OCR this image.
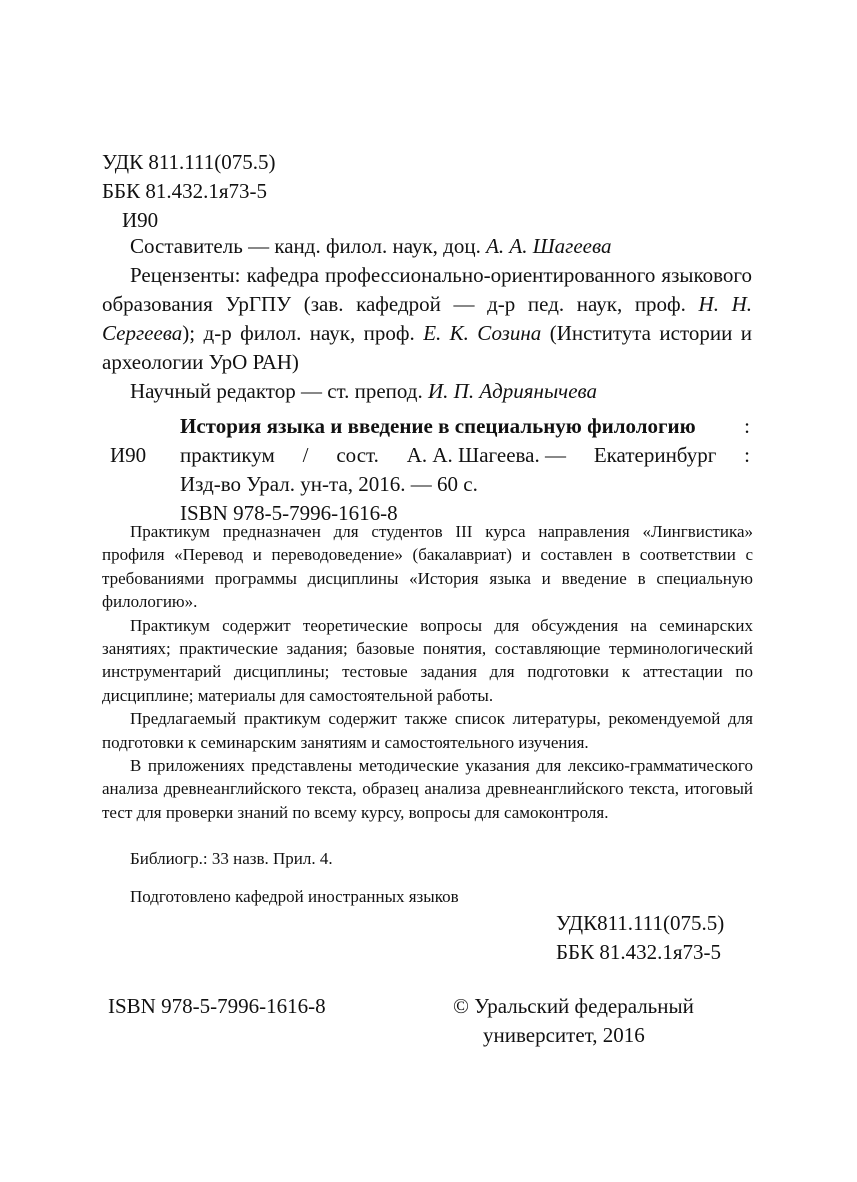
УДК 811.111(075.5)
ББК 81.432.1я73-5
И90

Составитель — канд. филол. наук, доц. А. А. Шагеева

Рецензенты: кафедра профессионально-ориентированного языкового образования УрГПУ (зав. кафедрой — д-р пед. наук, проф. Н. Н. Сергеева); д-р филол. наук, проф. Е. К. Созина (Института истории и археологии УрО РАН)

Научный редактор — ст. препод. И. П. Адриянычева

И90
История языка и введение в специальную филологию :
практикум / сост. А. А. Шагеева. — Екатеринбург :
Изд-во Урал. ун-та, 2016. — 60 с.
ISBN 978-5-7996-1616-8

Практикум предназначен для студентов III курса направления «Лингвистика» профиля «Перевод и переводоведение» (бакалавриат) и составлен в соответствии с требованиями программы дисциплины «История языка и введение в специальную филологию».

Практикум содержит теоретические вопросы для обсуждения на семинарских занятиях; практические задания; базовые понятия, составляющие терминологический инструментарий дисциплины; тестовые задания для подготовки к аттестации по дисциплине; материалы для самостоятельной работы.

Предлагаемый практикум содержит также список литературы, рекомендуемой для подготовки к семинарским занятиям и самостоятельного изучения.

В приложениях представлены методические указания для лексико-грамматического анализа древнеанглийского текста, образец анализа древнеанглийского текста, итоговый тест для проверки знаний по всему курсу, вопросы для самоконтроля.

Библиогр.: 33 назв. Прил. 4.
Подготовлено кафедрой иностранных языков
УДК811.111(075.5)
ББК 81.432.1я73-5
ISBN 978-5-7996-1616-8	© Уральский федеральный
университет, 2016
